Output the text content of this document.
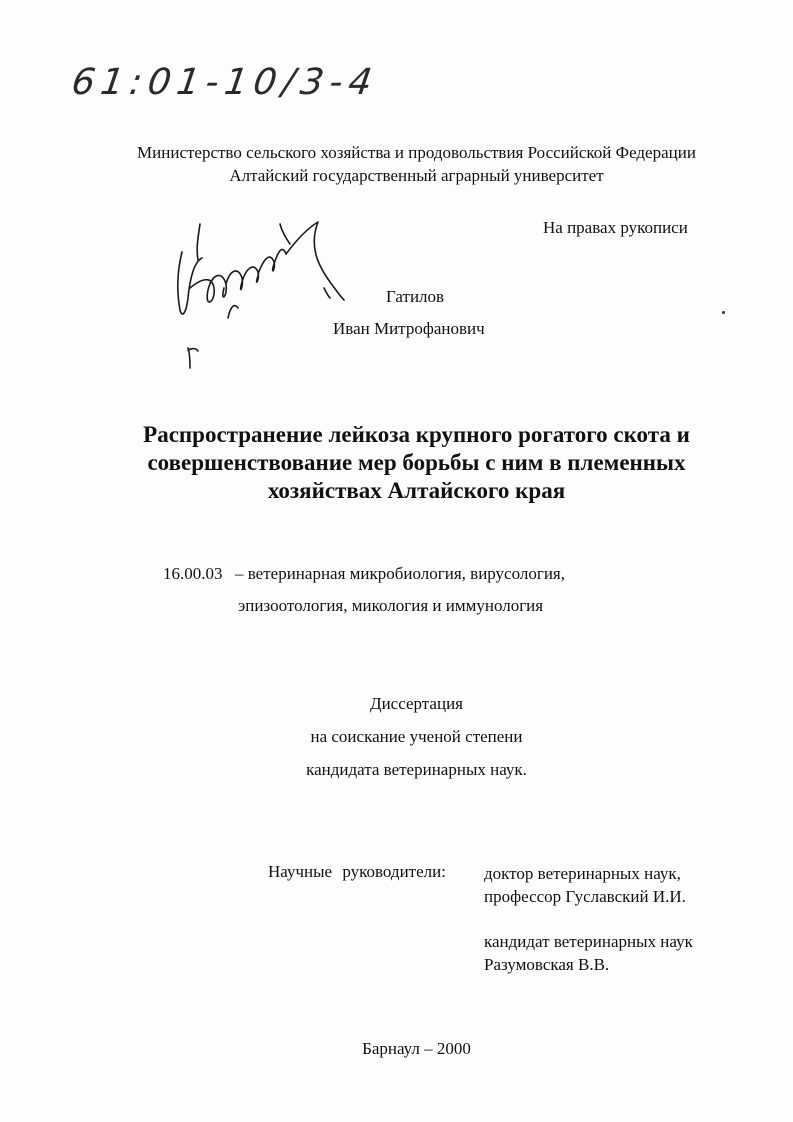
61:01-10/3-4
Министерство сельского хозяйства и продовольствия Российской Федерации
Алтайский государственный аграрный университет
На правах рукописи
Гатилов
Иван Митрофанович
Распространение лейкоза крупного рогатого скота и
совершенствование мер борьбы с ним в племенных
хозяйствах Алтайского края
16.00.03 – ветеринарная микробиология, вирусология,
эпизоотология, микология и иммунология
Диссертация
на соискание ученой степени
кандидата ветеринарных наук.
Научные руководители: доктор ветеринарных наук,
профессор Гуславский И.И.
кандидат ветеринарных наук
Разумовская В.В.
Барнаул – 2000
